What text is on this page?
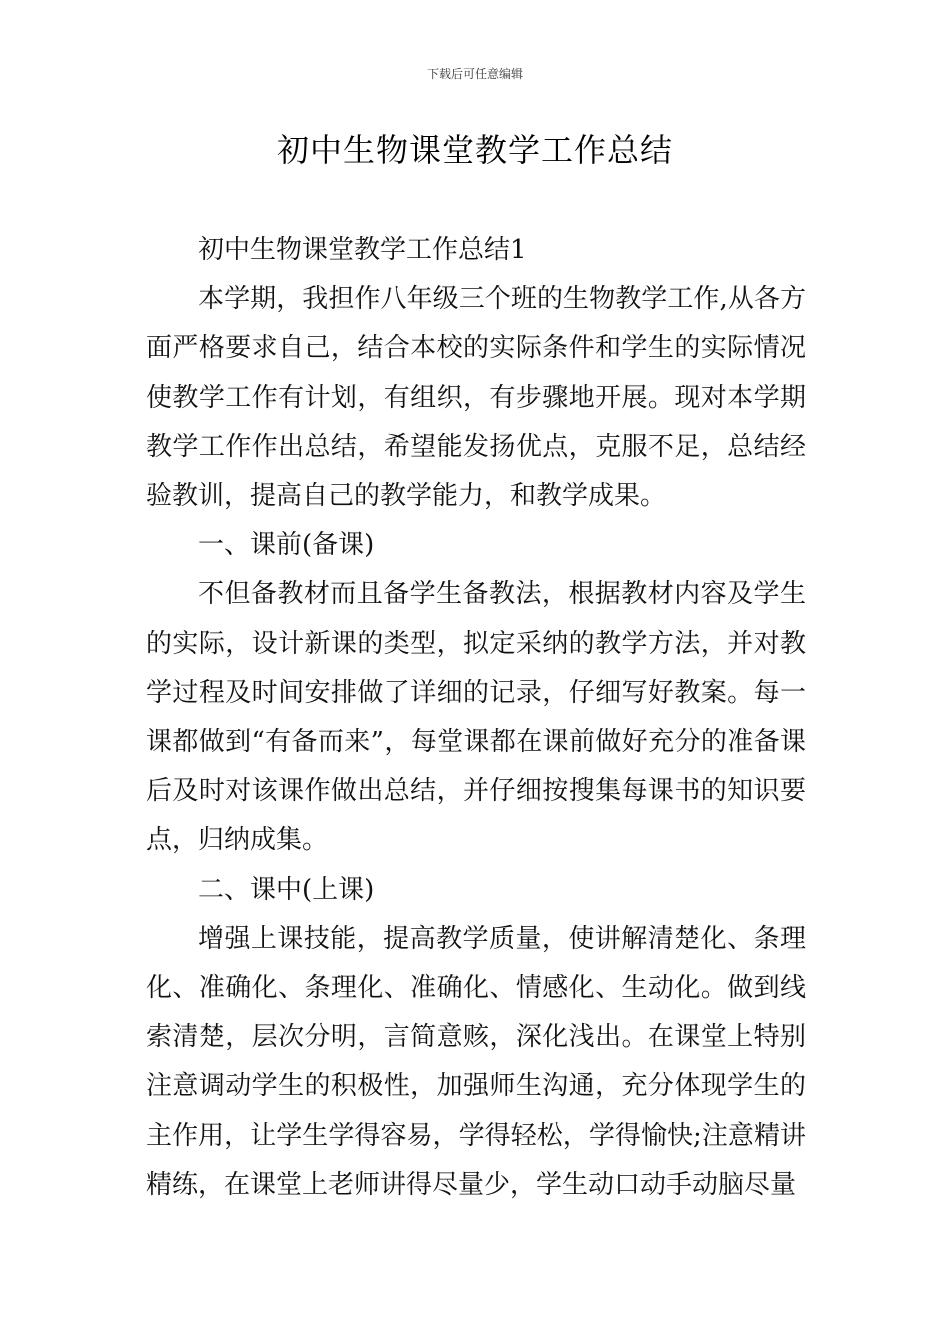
下载后可任意编辑
初中生物课堂教学工作总结

初中生物课堂教学工作总结1

本学期，我担作八年级三个班的生物教学工作,从各方面严格要求自己，结合本校的实际条件和学生的实际情况使教学工作有计划，有组织，有步骤地开展。现对本学期教学工作作出总结，希望能发扬优点，克服不足，总结经验教训，提高自己的教学能力，和教学成果。

一、课前(备课)

不但备教材而且备学生备教法，根据教材内容及学生的实际，设计新课的类型，拟定采纳的教学方法，并对教学过程及时间安排做了详细的记录，仔细写好教案。每一课都做到“有备而来”，每堂课都在课前做好充分的准备课后及时对该课作做出总结，并仔细按搜集每课书的知识要点，归纳成集。

二、课中(上课)

增强上课技能，提高教学质量，使讲解清楚化、条理化、准确化、条理化、准确化、情感化、生动化。做到线索清楚，层次分明，言简意赅，深化浅出。在课堂上特别注意调动学生的积极性，加强师生沟通，充分体现学生的主作用，让学生学得容易，学得轻松，学得愉快;注意精讲精练，在课堂上老师讲得尽量少，学生动口动手动脑尽量
